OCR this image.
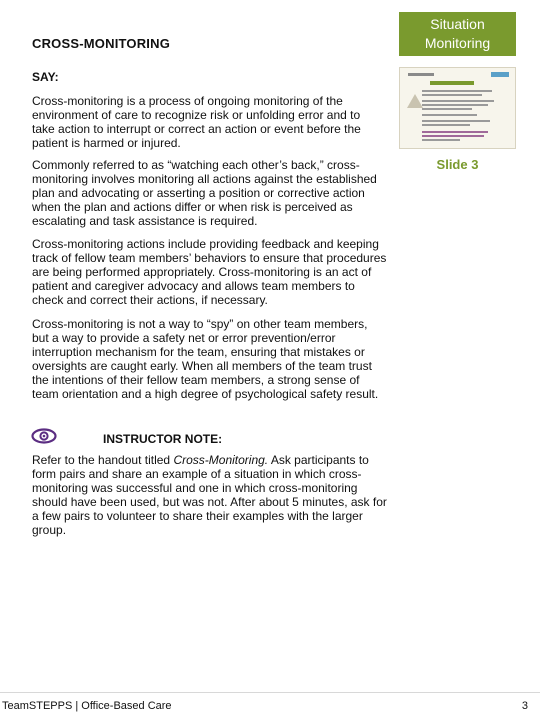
CROSS-MONITORING
Situation
Monitoring
Slide 3
SAY:

Cross-monitoring is a process of ongoing monitoring of the environment of care to recognize risk or unfolding error and to take action to interrupt or correct an action or event before the patient is harmed or injured.

Commonly referred to as “watching each other’s back,” cross-monitoring involves monitoring all actions against the established plan and advocating or asserting a position or corrective action when the plan and actions differ or when risk is perceived as escalating and task assistance is required.

Cross-monitoring actions include providing feedback and keeping track of fellow team members’ behaviors to ensure that procedures are being performed appropriately. Cross-monitoring is an act of patient and caregiver advocacy and allows team members to check and correct their actions, if necessary.

Cross-monitoring is not a way to “spy” on other team members, but a way to provide a safety net or error prevention/error interruption mechanism for the team, ensuring that mistakes or oversights are caught early. When all members of the team trust the intentions of their fellow team members, a strong sense of team orientation and a high degree of psychological safety result.

INSTRUCTOR NOTE:

Refer to the handout titled Cross-Monitoring. Ask participants to form pairs and share an example of a situation in which cross-monitoring was successful and one in which cross-monitoring should have been used, but was not. After about 5 minutes, ask for a few pairs to volunteer to share their examples with the larger group.

TeamSTEPPS | Office-Based Care	3
